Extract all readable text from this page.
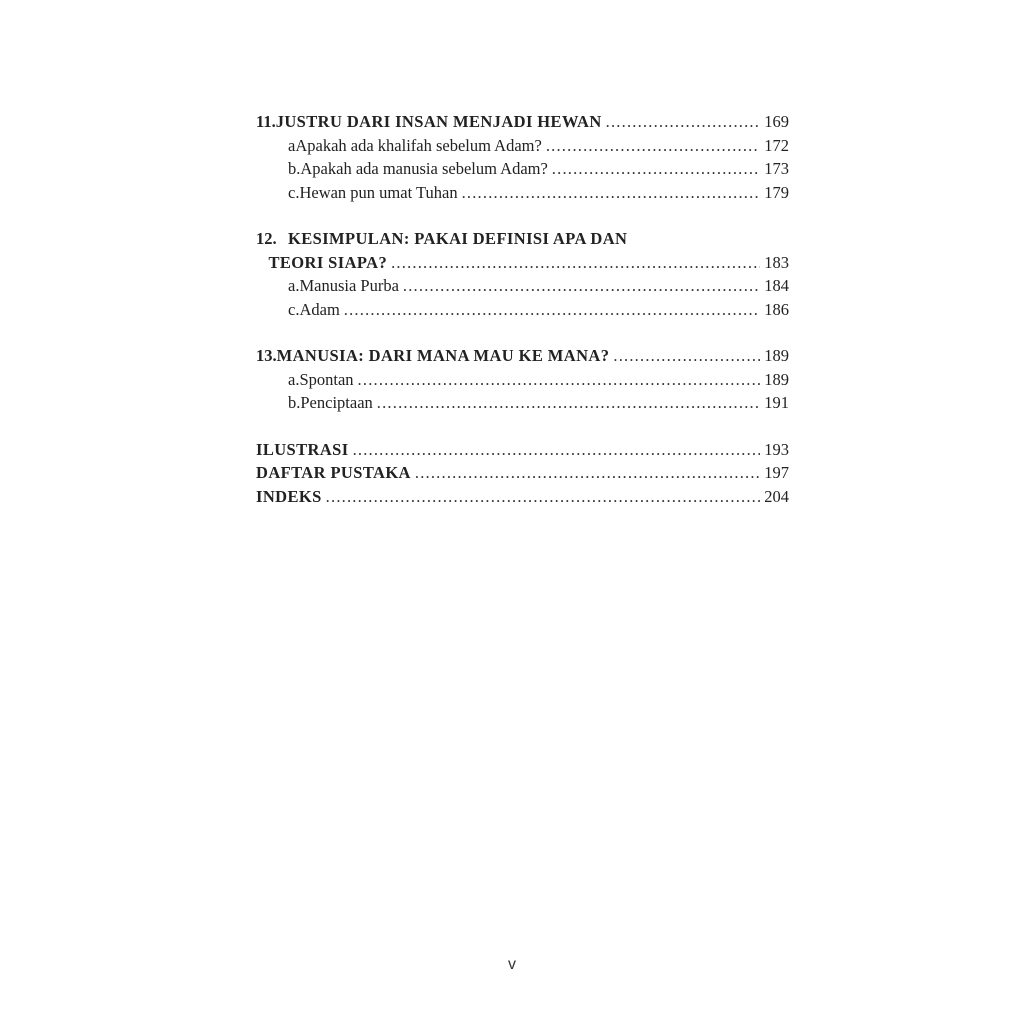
11. JUSTRU DARI INSAN MENJADI HEWAN .....	169
a Apakah ada khalifah sebelum Adam? .....	172
b. Apakah ada manusia sebelum Adam? .....	173
c. Hewan pun umat Tuhan .....	179
12. KESIMPULAN: PAKAI DEFINISI APA DAN
TEORI SIAPA? .....	183
a. Manusia Purba .....	184
c. Adam .....	186
13. MANUSIA: DARI MANA MAU KE MANA? .....	189
a. Spontan .....	189
b. Penciptaan .....	191
ILUSTRASI .....	193
DAFTAR PUSTAKA .....	197
INDEKS .....	204
v
